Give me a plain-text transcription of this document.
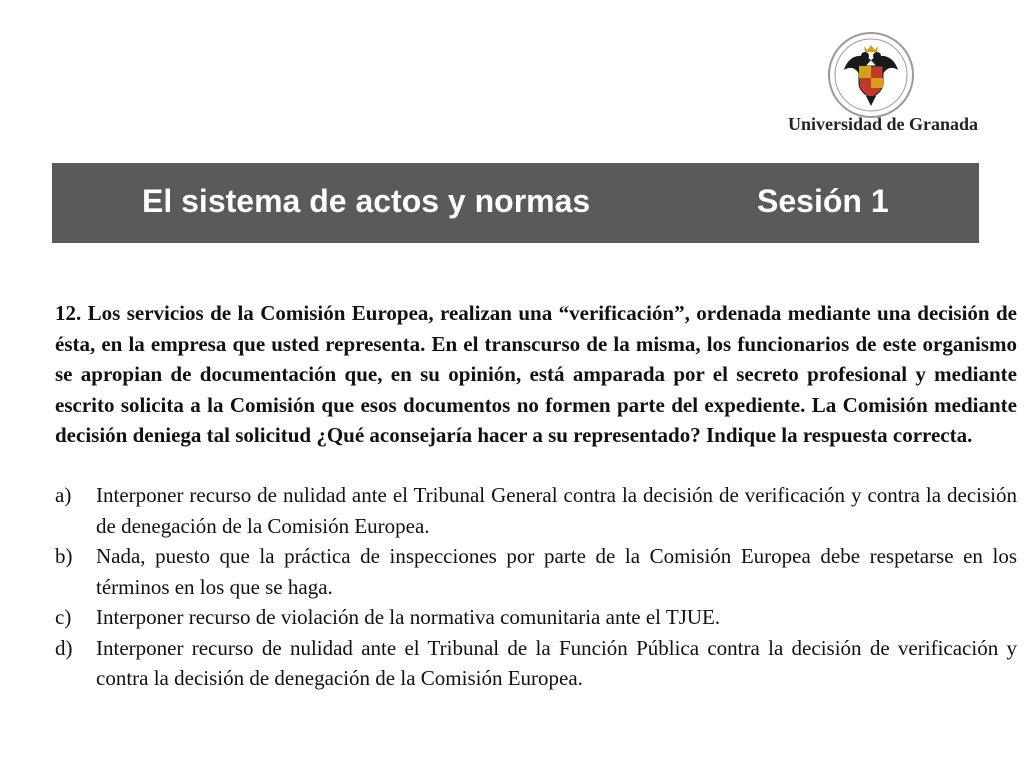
Universidad de Granada
El sistema de actos y normas	Sesión 1
12. Los servicios de la Comisión Europea, realizan una “verificación”, ordenada mediante una decisión de ésta, en la empresa que usted representa. En el transcurso de la misma, los funcionarios de este organismo se apropian de documentación que, en su opinión, está amparada por el secreto profesional y mediante escrito solicita a la Comisión que esos documentos no formen parte del expediente. La Comisión mediante decisión deniega tal solicitud ¿Qué aconsejaría hacer a su representado? Indique la respuesta correcta.
a)	Interponer recurso de nulidad ante el Tribunal General contra la decisión de verificación y contra la decisión de denegación de la Comisión Europea.
b)	Nada, puesto que la práctica de inspecciones por parte de la Comisión Europea debe respetarse en los términos en los que se haga.
c)	Interponer recurso de violación de la normativa comunitaria ante el TJUE.
d)	Interponer recurso de nulidad ante el Tribunal de la Función Pública contra la decisión de verificación y contra la decisión de denegación de la Comisión Europea.
